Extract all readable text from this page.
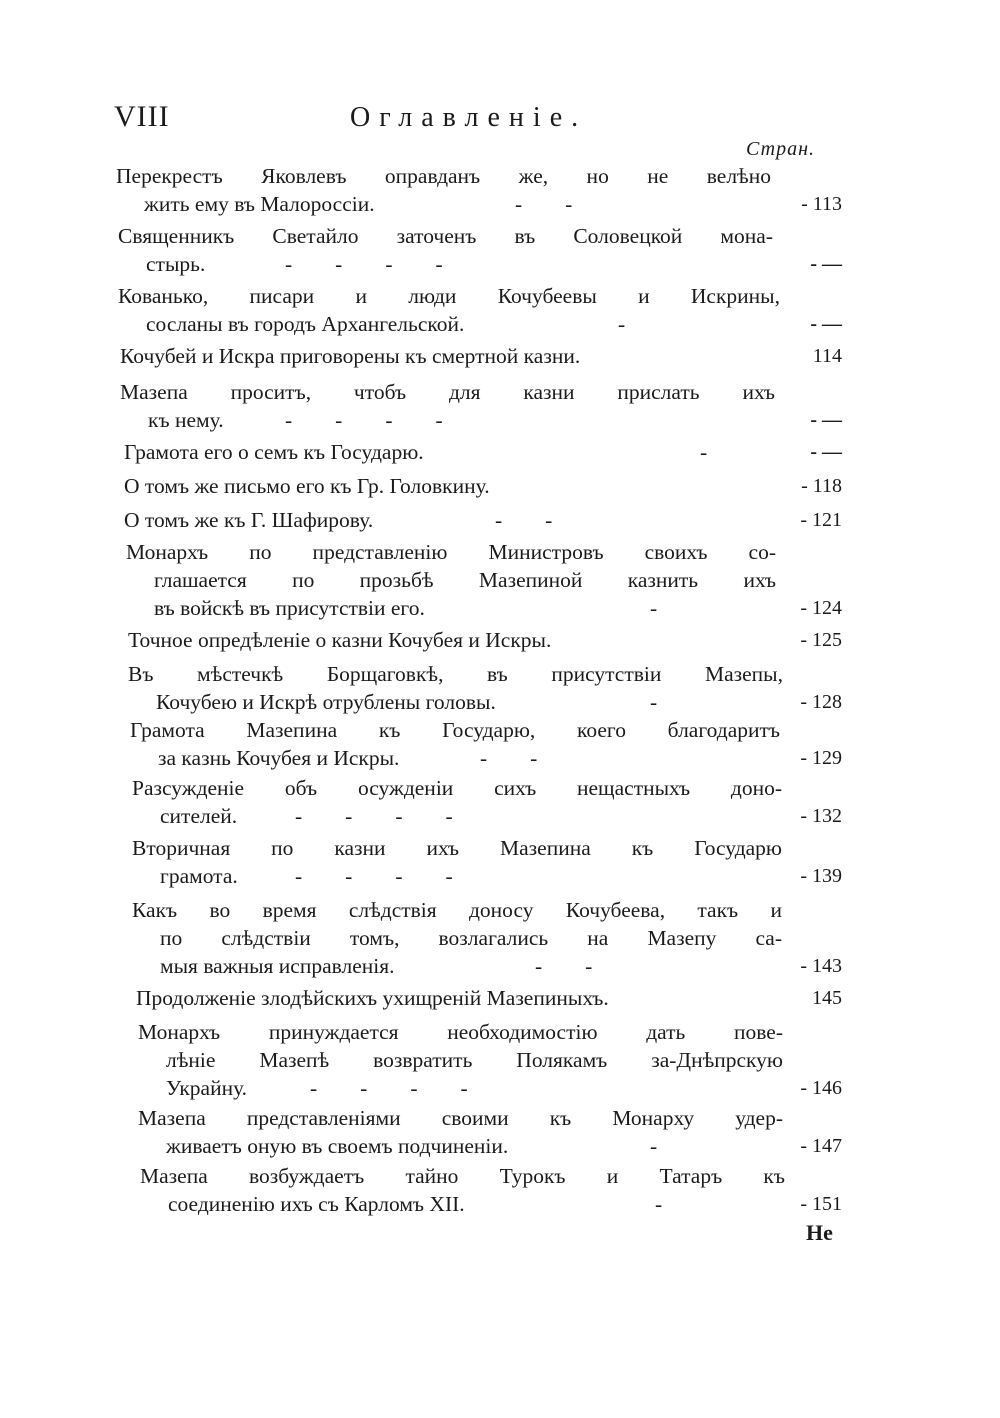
VIII	Оглавленіе.
Стран.
Перекрестъ Яковлевъ оправданъ же, но не велѣно
жить ему въ Малороссіи.	-        -	- 113
Священникъ Светайло заточенъ въ Соловецкой мона-
стырь.	-        -        -        -	- —
Кованько, писари и люди Кочубеевы и Искрины,
сосланы въ городъ Архангельской.	-	- —
Кочубей и Искра приговорены къ смертной казни.	114
Мазепа проситъ, чтобъ для казни прислать ихъ
къ нему.	-        -        -        -	- —
Грамота его о семъ къ Государю.	-	- —
О томъ же письмо его къ Гр. Головкину.	- 118
О томъ же къ Г. Шафирову.	-        -	- 121
Монархъ по представленію Министровъ своихъ со-
глашается по прозьбѣ Мазепиной казнить ихъ
въ войскѣ въ присутствіи его.	-	- 124
Точное опредѣленіе о казни Кочубея и Искры.	- 125
Въ мѣстечкѣ Борщаговкѣ, въ присутствіи Мазепы,
Кочубею и Искрѣ отрублены головы.	-	- 128
Грамота Мазепина къ Государю, коего благодаритъ
за казнь Кочубея и Искры.	-        -	- 129
Разсужденіе объ осужденіи сихъ нещастныхъ доно-
сителей.	-        -        -        -	- 132
Вторичная по казни ихъ Мазепина къ Государю
грамота.	-        -        -        -	- 139
Какъ во время слѣдствія доносу Кочубеева, такъ и
по слѣдствіи томъ, возлагались на Мазепу са-
мыя важныя исправленія.	-        -	- 143
Продолженіе злодѣйскихъ ухищреній Мазепиныхъ.	145
Монархъ принуждается необходимостію дать пове-
лѣніе Мазепѣ возвратить Полякамъ за-Днѣпрскую
Украйну.	-        -        -        -	- 146
Мазепа представленіями своими къ Монарху удер-
живаетъ оную въ своемъ подчиненіи.	-	- 147
Мазепа возбуждаетъ тайно Турокъ и Татаръ къ
соединенію ихъ съ Карломъ XII.	-	- 151
Не
